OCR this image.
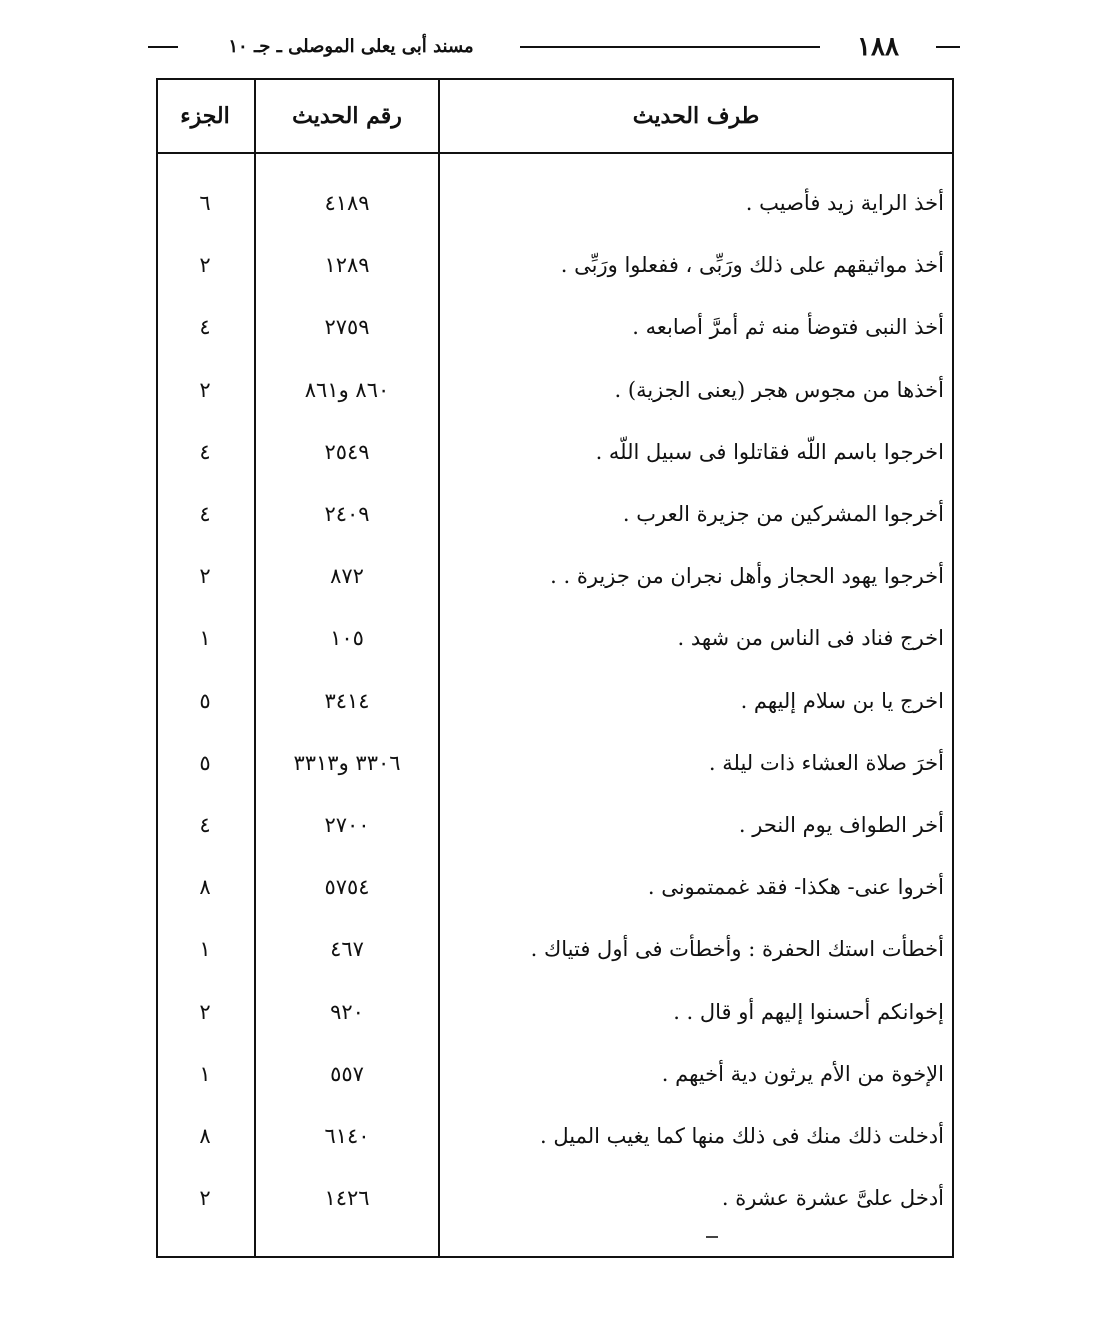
١٨٨
مسند أبى يعلى الموصلى ـ جـ ١٠
طرف الحديث
رقم الحديث
الجزء
أخذ الراية زيد فأصيب .
٤١٨٩
٦
أخذ مواثيقهم على ذلك ورَبِّى ، ففعلوا ورَبِّى .
١٢٨٩
٢
أخذ النبى فتوضأ منه ثم أمرَّ أصابعه .
٢٧٥٩
٤
أخذها من مجوس هجر (يعنى الجزية) .
٨٦٠ و٨٦١
٢
اخرجوا باسم اللّه فقاتلوا فى سبيل اللّه .
٢٥٤٩
٤
أخرجوا المشركين من جزيرة العرب .
٢٤٠٩
٤
أخرجوا يهود الحجاز وأهل نجران من جزيرة . .
٨٧٢
٢
اخرج فناد فى الناس من شهد .
١٠٥
١
اخرج يا بن سلام إليهم .
٣٤١٤
٥
أخرَ صلاة العشاء ذات ليلة .
٣٣٠٦ و٣٣١٣
٥
أخر الطواف يوم النحر .
٢٧٠٠
٤
أخروا عنى- هكذا- فقد غممتمونى .
٥٧٥٤
٨
أخطأت استك الحفرة : وأخطأت فى أول فتياك .
٤٦٧
١
إخوانكم أحسنوا إليهم أو قال . .
٩٢٠
٢
الإخوة من الأم يرثون دية أخيهم .
٥٥٧
١
أدخلت ذلك منك فى ذلك منها كما يغيب الميل .
٦١٤٠
٨
أدخل علىَّ عشرة عشرة .
١٤٢٦
٢
